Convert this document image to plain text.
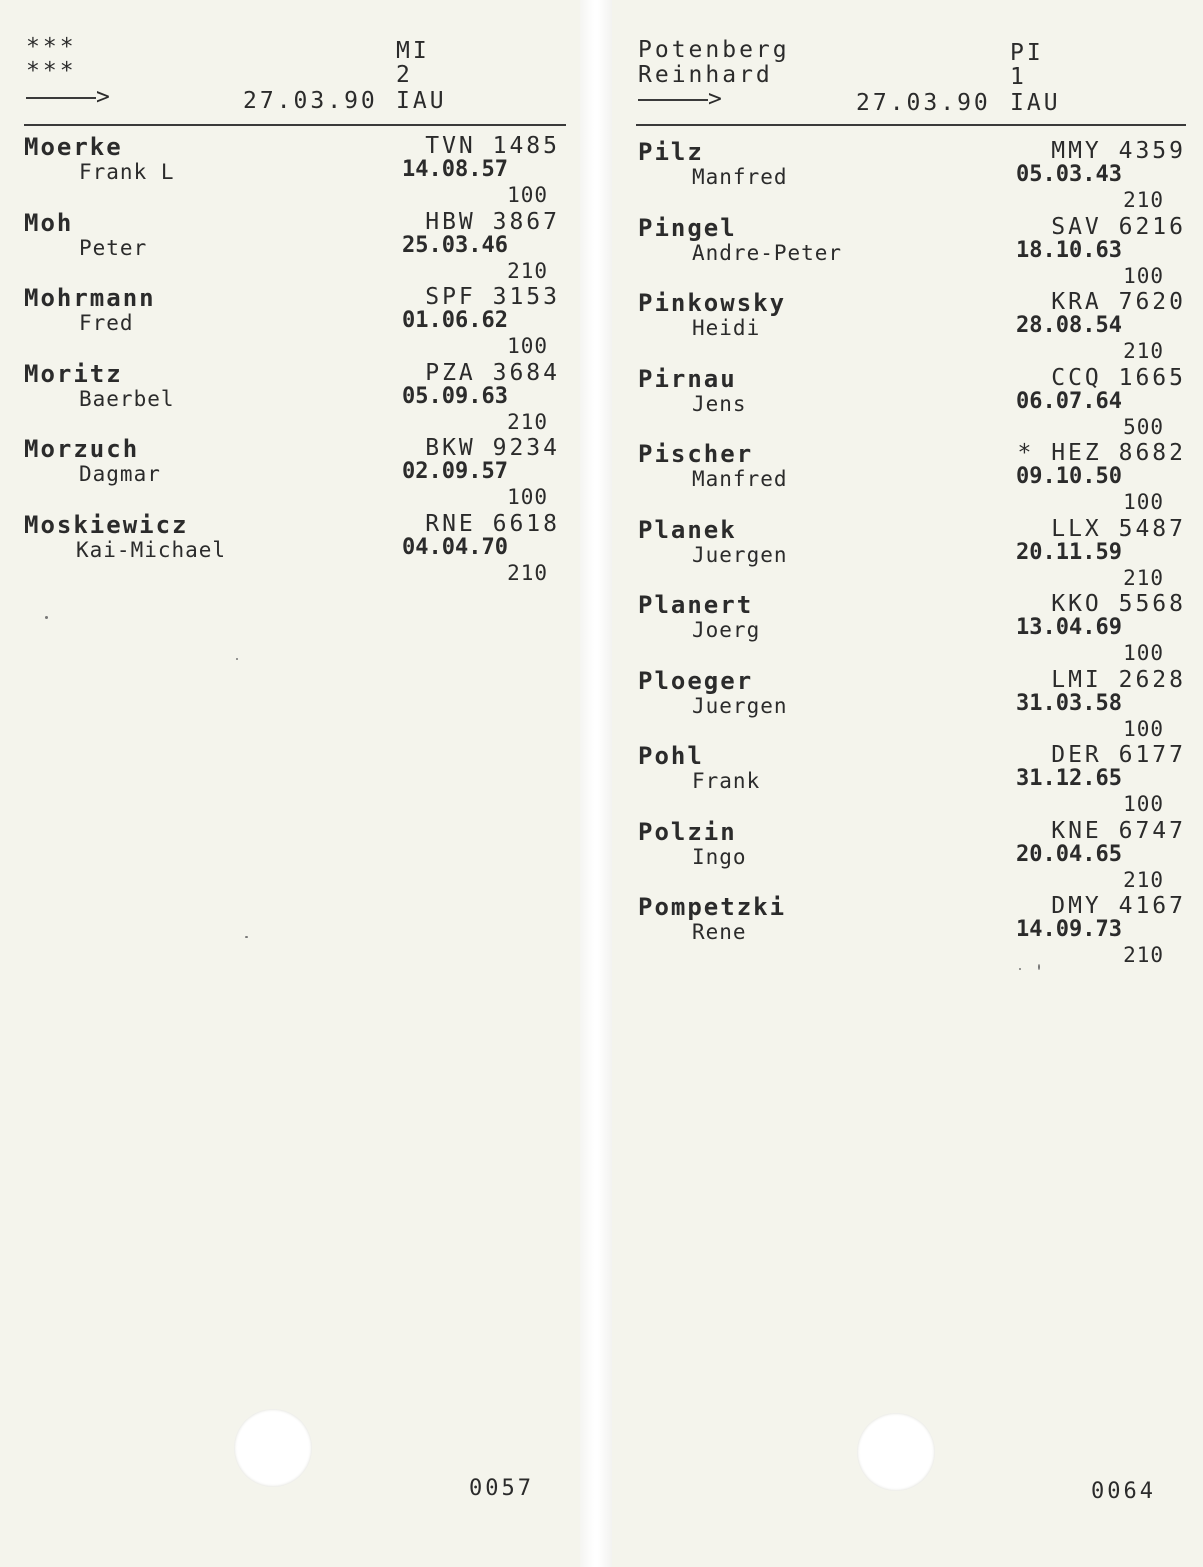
***
***
>	27.03.90
MI
2
IAU
Moerke
Frank L
TVN 1485
14.08.57
100
Moh
Peter
HBW 3867
25.03.46
210
Mohrmann
Fred
SPF 3153
01.06.62
100
Moritz
Baerbel
PZA 3684
05.09.63
210
Morzuch
Dagmar
BKW 9234
02.09.57
100
Moskiewicz
Kai-Michael
RNE 6618
04.04.70
210
0057
Potenberg
Reinhard
>	27.03.90
PI
1
IAU
Pilz
Manfred
MMY 4359
05.03.43
210
Pingel
Andre-Peter
SAV 6216
18.10.63
100
Pinkowsky
Heidi
KRA 7620
28.08.54
210
Pirnau
Jens
CCQ 1665
06.07.64
500
Pischer
Manfred
* HEZ 8682
09.10.50
100
Planek
Juergen
LLX 5487
20.11.59
210
Planert
Joerg
KKO 5568
13.04.69
100
Ploeger
Juergen
LMI 2628
31.03.58
100
Pohl
Frank
DER 6177
31.12.65
100
Polzin
Ingo
KNE 6747
20.04.65
210
Pompetzki
Rene
DMY 4167
14.09.73
210
0064
